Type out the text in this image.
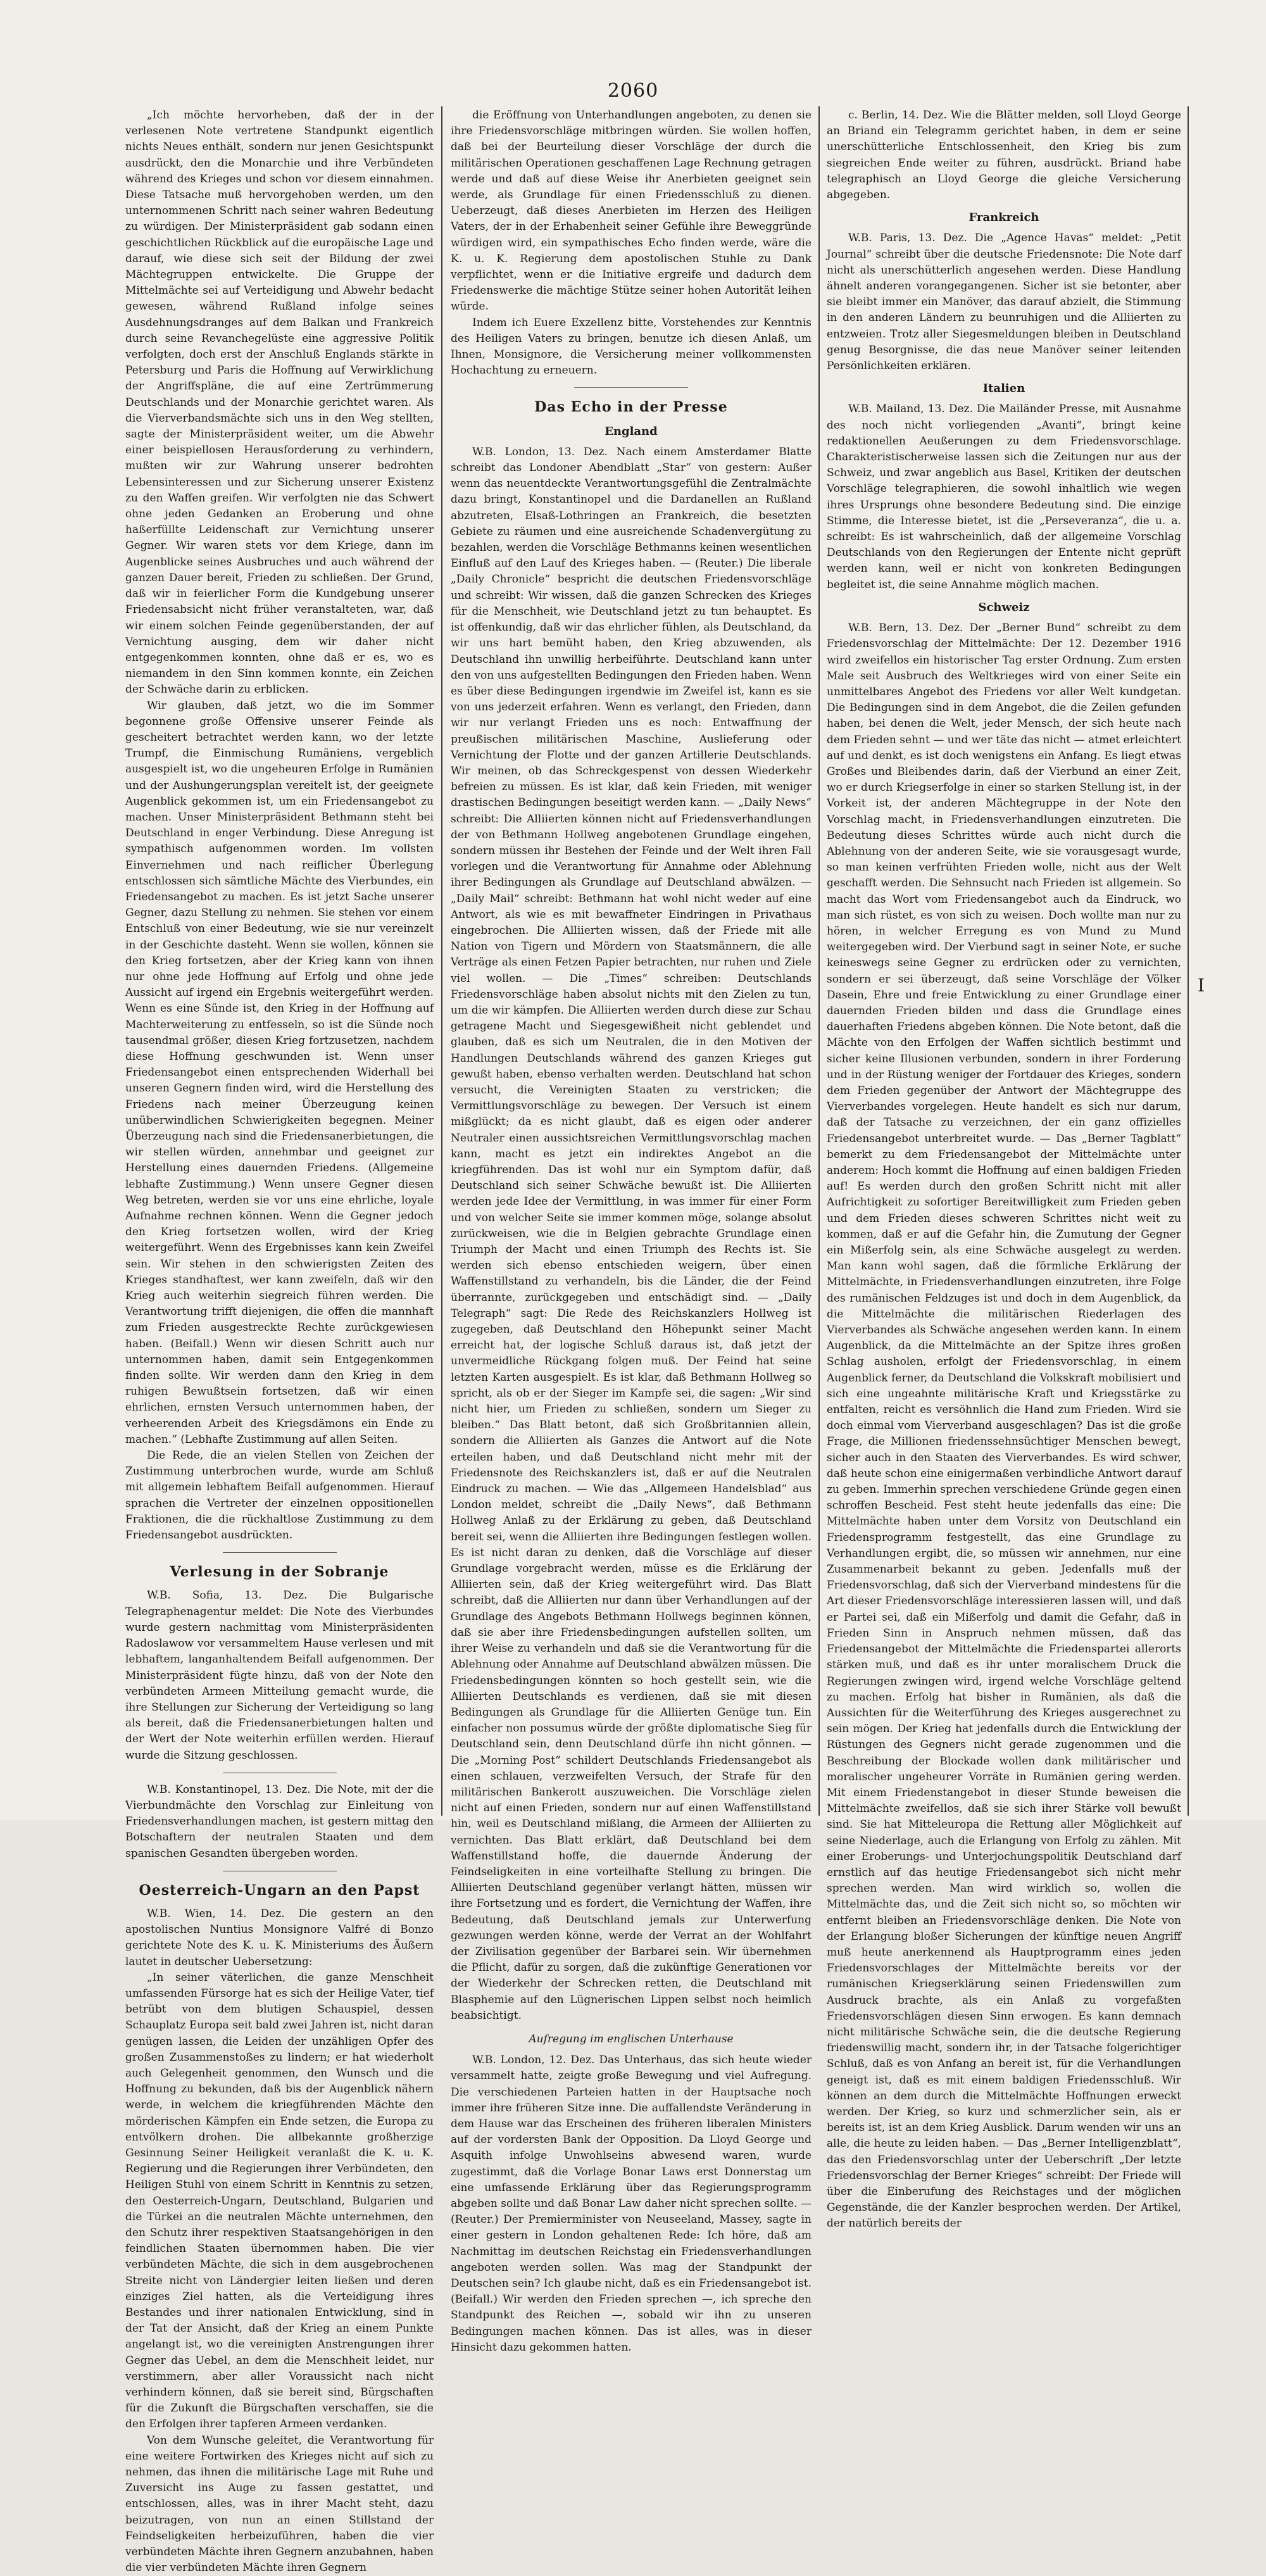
2060

„Ich möchte hervorheben, daß der in der verlesenen Note vertretene Standpunkt eigentlich nichts Neues enthält, sondern nur jenen Gesichtspunkt ausdrückt, den die Monarchie und ihre Verbündeten während des Krieges und schon vor diesem einnahmen. Diese Tatsache muß hervorgehoben werden, um den unternommenen Schritt nach seiner wahren Bedeutung zu würdigen. Der Ministerpräsident gab sodann einen geschichtlichen Rückblick auf die europäische Lage und darauf, wie diese sich seit der Bildung der zwei Mächtegruppen entwickelte. Die Gruppe der Mittelmächte sei auf Verteidigung und Abwehr bedacht gewesen, während Rußland infolge seines Ausdehnungsdranges auf dem Balkan und Frankreich durch seine Revanchegelüste eine aggressive Politik verfolgten, doch erst der Anschluß Englands stärkte in Petersburg und Paris die Hoffnung auf Verwirklichung der Angriffspläne, die auf eine Zertrümmerung Deutschlands und der Monarchie gerichtet waren. Als die Vierverbandsmächte sich uns in den Weg stellten, sagte der Ministerpräsident weiter, um die Abwehr einer beispiellosen Herausforderung zu verhindern, mußten wir zur Wahrung unserer bedrohten Lebensinteressen und zur Sicherung unserer Existenz zu den Waffen greifen. Wir verfolgten nie das Schwert ohne jeden Gedanken an Eroberung und ohne haßerfüllte Leidenschaft zur Vernichtung unserer Gegner. Wir waren stets vor dem Kriege, dann im Augenblicke seines Ausbruches und auch während der ganzen Dauer bereit, Frieden zu schließen. Der Grund, daß wir in feierlicher Form die Kundgebung unserer Friedensabsicht nicht früher veranstalteten, war, daß wir einem solchen Feinde gegenüberstanden, der auf Vernichtung ausging, dem wir daher nicht entgegenkommen konnten, ohne daß er es, wo es niemandem in den Sinn kommen konnte, ein Zeichen der Schwäche darin zu erblicken.

Wir glauben, daß jetzt, wo die im Sommer begonnene große Offensive unserer Feinde als gescheitert betrachtet werden kann, wo der letzte Trumpf, die Einmischung Rumäniens, vergeblich ausgespielt ist, wo die ungeheuren Erfolge in Rumänien und der Aushungerungsplan vereitelt ist, der geeignete Augenblick gekommen ist, um ein Friedensangebot zu machen. Unser Ministerpräsident Bethmann steht bei Deutschland in enger Verbindung. Diese Anregung ist sympathisch aufgenommen worden. Im vollsten Einvernehmen und nach reiflicher Überlegung entschlossen sich sämtliche Mächte des Vierbundes, ein Friedensangebot zu machen. Es ist jetzt Sache unserer Gegner, dazu Stellung zu nehmen. Sie stehen vor einem Entschluß von einer Bedeutung, wie sie nur vereinzelt in der Geschichte dasteht. Wenn sie wollen, können sie den Krieg fortsetzen, aber der Krieg kann von ihnen nur ohne jede Hoffnung auf Erfolg und ohne jede Aussicht auf irgend ein Ergebnis weitergeführt werden. Wenn es eine Sünde ist, den Krieg in der Hoffnung auf Machterweiterung zu entfesseln, so ist die Sünde noch tausendmal größer, diesen Krieg fortzusetzen, nachdem diese Hoffnung geschwunden ist. Wenn unser Friedensangebot einen entsprechenden Widerhall bei unseren Gegnern finden wird, wird die Herstellung des Friedens nach meiner Überzeugung keinen unüberwindlichen Schwierigkeiten begegnen. Meiner Überzeugung nach sind die Friedensanerbietungen, die wir stellen würden, annehmbar und geeignet zur Herstellung eines dauernden Friedens. (Allgemeine lebhafte Zustimmung.) Wenn unsere Gegner diesen Weg betreten, werden sie vor uns eine ehrliche, loyale Aufnahme rechnen können. Wenn die Gegner jedoch den Krieg fortsetzen wollen, wird der Krieg weitergeführt. Wenn des Ergebnisses kann kein Zweifel sein. Wir stehen in den schwierigsten Zeiten des Krieges standhaftest, wer kann zweifeln, daß wir den Krieg auch weiterhin siegreich führen werden. Die Verantwortung trifft diejenigen, die offen die mannhaft zum Frieden ausgestreckte Rechte zurückgewiesen haben. (Beifall.) Wenn wir diesen Schritt auch nur unternommen haben, damit sein Entgegenkommen finden sollte. Wir werden dann den Krieg in dem ruhigen Bewußtsein fortsetzen, daß wir einen ehrlichen, ernsten Versuch unternommen haben, der verheerenden Arbeit des Kriegsdämons ein Ende zu machen.“ (Lebhafte Zustimmung auf allen Seiten.

Die Rede, die an vielen Stellen von Zeichen der Zustimmung unterbrochen wurde, wurde am Schluß mit allgemein lebhaftem Beifall aufgenommen. Hierauf sprachen die Vertreter der einzelnen oppositionellen Fraktionen, die die rückhaltlose Zustimmung zu dem Friedensangebot ausdrückten.

Verlesung in der Sobranje

W.B. Sofia, 13. Dez. Die Bulgarische Telegraphenagentur meldet: Die Note des Vierbundes wurde gestern nachmittag vom Ministerpräsidenten Radoslawow vor versammeltem Hause verlesen und mit lebhaftem, langanhaltendem Beifall aufgenommen. Der Ministerpräsident fügte hinzu, daß von der Note den verbündeten Armeen Mitteilung gemacht wurde, die ihre Stellungen zur Sicherung der Verteidigung so lang als bereit, daß die Friedensanerbietungen halten und der Wert der Note weiterhin erfüllen werden. Hierauf wurde die Sitzung geschlossen.

W.B. Konstantinopel, 13. Dez. Die Note, mit der die Vierbundmächte den Vorschlag zur Einleitung von Friedensverhandlungen machen, ist gestern mittag den Botschaftern der neutralen Staaten und dem spanischen Gesandten übergeben worden.

Oesterreich-Ungarn an den Papst

W.B. Wien, 14. Dez. Die gestern an den apostolischen Nuntius Monsignore Valfré di Bonzo gerichtete Note des K. u. K. Ministeriums des Äußern lautet in deutscher Uebersetzung:

„In seiner väterlichen, die ganze Menschheit umfassenden Fürsorge hat es sich der Heilige Vater, tief betrübt von dem blutigen Schauspiel, dessen Schauplatz Europa seit bald zwei Jahren ist, nicht daran genügen lassen, die Leiden der unzähligen Opfer des großen Zusammenstoßes zu lindern; er hat wiederholt auch Gelegenheit genommen, den Wunsch und die Hoffnung zu bekunden, daß bis der Augenblick nähern werde, in welchem die kriegführenden Mächte den mörderischen Kämpfen ein Ende setzen, die Europa zu entvölkern drohen. Die allbekannte großherzige Gesinnung Seiner Heiligkeit veranlaßt die K. u. K. Regierung und die Regierungen ihrer Verbündeten, den Heiligen Stuhl von einem Schritt in Kenntnis zu setzen, den Oesterreich-Ungarn, Deutschland, Bulgarien und die Türkei an die neutralen Mächte unternehmen, den den Schutz ihrer respektiven Staatsangehörigen in den feindlichen Staaten übernommen haben. Die vier verbündeten Mächte, die sich in dem ausgebrochenen Streite nicht von Ländergier leiten ließen und deren einziges Ziel hatten, als die Verteidigung ihres Bestandes und ihrer nationalen Entwicklung, sind in der Tat der Ansicht, daß der Krieg an einem Punkte angelangt ist, wo die vereinigten Anstrengungen ihrer Gegner das Uebel, an dem die Menschheit leidet, nur verstimmern, aber aller Voraussicht nach nicht verhindern können, daß sie bereit sind, Bürgschaften für die Zukunft die Bürgschaften verschaffen, sie die den Erfolgen ihrer tapferen Armeen verdanken.

Von dem Wunsche geleitet, die Verantwortung für eine weitere Fortwirken des Krieges nicht auf sich zu nehmen, das ihnen die militärische Lage mit Ruhe und Zuversicht ins Auge zu fassen gestattet, und entschlossen, alles, was in ihrer Macht steht, dazu beizutragen, von nun an einen Stillstand der Feindseligkeiten herbeizuführen, haben die vier verbündeten Mächte ihren Gegnern anzubahnen, haben die vier verbündeten Mächte ihren Gegnern

die Eröffnung von Unterhandlungen angeboten, zu denen sie ihre Friedensvorschläge mitbringen würden. Sie wollen hoffen, daß bei der Beurteilung dieser Vorschläge der durch die militärischen Operationen geschaffenen Lage Rechnung getragen werde und daß auf diese Weise ihr Anerbieten geeignet sein werde, als Grundlage für einen Friedensschluß zu dienen. Ueberzeugt, daß dieses Anerbieten im Herzen des Heiligen Vaters, der in der Erhabenheit seiner Gefühle ihre Beweggründe würdigen wird, ein sympathisches Echo finden werde, wäre die K. u. K. Regierung dem apostolischen Stuhle zu Dank verpflichtet, wenn er die Initiative ergreife und dadurch dem Friedenswerke die mächtige Stütze seiner hohen Autorität leihen würde.

Indem ich Euere Exzellenz bitte, Vorstehendes zur Kenntnis des Heiligen Vaters zu bringen, benutze ich diesen Anlaß, um Ihnen, Monsignore, die Versicherung meiner vollkommensten Hochachtung zu erneuern.

Das Echo in der Presse
England

W.B. London, 13. Dez. Nach einem Amsterdamer Blatte schreibt das Londoner Abendblatt „Star“ von gestern: Außer wenn das neuentdeckte Verantwortungsgefühl die Zentralmächte dazu bringt, Konstantinopel und die Dardanellen an Rußland abzutreten, Elsaß-Lothringen an Frankreich, die besetzten Gebiete zu räumen und eine ausreichende Schadenvergütung zu bezahlen, werden die Vorschläge Bethmanns keinen wesentlichen Einfluß auf den Lauf des Krieges haben. — (Reuter.) Die liberale „Daily Chronicle“ bespricht die deutschen Friedensvorschläge und schreibt: Wir wissen, daß die ganzen Schrecken des Krieges für die Menschheit, wie Deutschland jetzt zu tun behauptet. Es ist offenkundig, daß wir das ehrlicher fühlen, als Deutschland, da wir uns hart bemüht haben, den Krieg abzuwenden, als Deutschland ihn unwillig herbeiführte. Deutschland kann unter den von uns aufgestellten Bedingungen den Frieden haben. Wenn es über diese Bedingungen irgendwie im Zweifel ist, kann es sie von uns jederzeit erfahren. Wenn es verlangt, den Frieden, dann wir nur verlangt Frieden uns es noch: Entwaffnung der preußischen militärischen Maschine, Auslieferung oder Vernichtung der Flotte und der ganzen Artillerie Deutschlands. Wir meinen, ob das Schreckgespenst von dessen Wiederkehr befreien zu müssen. Es ist klar, daß kein Frieden, mit weniger drastischen Bedingungen beseitigt werden kann. — „Daily News“ schreibt: Die Alliierten können nicht auf Friedensverhandlungen der von Bethmann Hollweg angebotenen Grundlage eingehen, sondern müssen ihr Bestehen der Feinde und der Welt ihren Fall vorlegen und die Verantwortung für Annahme oder Ablehnung ihrer Bedingungen als Grundlage auf Deutschland abwälzen. — „Daily Mail“ schreibt: Bethmann hat wohl nicht weder auf eine Antwort, als wie es mit bewaffneter Eindringen in Privathaus eingebrochen. Die Alliierten wissen, daß der Friede mit alle Nation von Tigern und Mördern von Staatsmännern, die alle Verträge als einen Fetzen Papier betrachten, nur ruhen und Ziele viel wollen. — Die „Times“ schreiben: Deutschlands Friedensvorschläge haben absolut nichts mit den Zielen zu tun, um die wir kämpfen. Die Alliierten werden durch diese zur Schau getragene Macht und Siegesgewißheit nicht geblendet und glauben, daß es sich um Neutralen, die in den Motiven der Handlungen Deutschlands während des ganzen Krieges gut gewußt haben, ebenso verhalten werden. Deutschland hat schon versucht, die Vereinigten Staaten zu verstricken; die Vermittlungsvorschläge zu bewegen. Der Versuch ist einem mißglückt; da es nicht glaubt, daß es eigen oder anderer Neutraler einen aussichtsreichen Vermittlungsvorschlag machen kann, macht es jetzt ein indirektes Angebot an die kriegführenden. Das ist wohl nur ein Symptom dafür, daß Deutschland sich seiner Schwäche bewußt ist. Die Alliierten werden jede Idee der Vermittlung, in was immer für einer Form und von welcher Seite sie immer kommen möge, solange absolut zurückweisen, wie die in Belgien gebrachte Grundlage einen Triumph der Macht und einen Triumph des Rechts ist. Sie werden sich ebenso entschieden weigern, über einen Waffenstillstand zu verhandeln, bis die Länder, die der Feind überrannte, zurückgegeben und entschädigt sind. — „Daily Telegraph“ sagt: Die Rede des Reichskanzlers Hollweg ist zugegeben, daß Deutschland den Höhepunkt seiner Macht erreicht hat, der logische Schluß daraus ist, daß jetzt der unvermeidliche Rückgang folgen muß. Der Feind hat seine letzten Karten ausgespielt. Es ist klar, daß Bethmann Hollweg so spricht, als ob er der Sieger im Kampfe sei, die sagen: „Wir sind nicht hier, um Frieden zu schließen, sondern um Sieger zu bleiben.“ Das Blatt betont, daß sich Großbritannien allein, sondern die Alliierten als Ganzes die Antwort auf die Note erteilen haben, und daß Deutschland nicht mehr mit der Friedensnote des Reichskanzlers ist, daß er auf die Neutralen Eindruck zu machen. — Wie das „Allgemeen Handelsblad“ aus London meldet, schreibt die „Daily News“, daß Bethmann Hollweg Anlaß zu der Erklärung zu geben, daß Deutschland bereit sei, wenn die Alliierten ihre Bedingungen festlegen wollen. Es ist nicht daran zu denken, daß die Vorschläge auf dieser Grundlage vorgebracht werden, müsse es die Erklärung der Alliierten sein, daß der Krieg weitergeführt wird. Das Blatt schreibt, daß die Alliierten nur dann über Verhandlungen auf der Grundlage des Angebots Bethmann Hollwegs beginnen können, daß sie aber ihre Friedensbedingungen aufstellen sollten, um ihrer Weise zu verhandeln und daß sie die Verantwortung für die Ablehnung oder Annahme auf Deutschland abwälzen müssen. Die Friedensbedingungen könnten so hoch gestellt sein, wie die Alliierten Deutschlands es verdienen, daß sie mit diesen Bedingungen als Grundlage für die Alliierten Genüge tun. Ein einfacher non possumus würde der größte diplomatische Sieg für Deutschland sein, denn Deutschland dürfe ihn nicht gönnen. — Die „Morning Post“ schildert Deutschlands Friedensangebot als einen schlauen, verzweifelten Versuch, der Strafe für den militärischen Bankerott auszuweichen. Die Vorschläge zielen nicht auf einen Frieden, sondern nur auf einen Waffenstillstand hin, weil es Deutschland mißlang, die Armeen der Alliierten zu vernichten. Das Blatt erklärt, daß Deutschland bei dem Waffenstillstand hoffe, die dauernde Änderung der Feindseligkeiten in eine vorteilhafte Stellung zu bringen. Die Alliierten Deutschland gegenüber verlangt hätten, müssen wir ihre Fortsetzung und es fordert, die Vernichtung der Waffen, ihre Bedeutung, daß Deutschland jemals zur Unterwerfung gezwungen werden könne, werde der Verrat an der Wohlfahrt der Zivilisation gegenüber der Barbarei sein. Wir übernehmen die Pflicht, dafür zu sorgen, daß die zukünftige Generationen vor der Wiederkehr der Schrecken retten, die Deutschland mit Blasphemie auf den Lügnerischen Lippen selbst noch heimlich beabsichtigt.

Aufregung im englischen Unterhause

W.B. London, 12. Dez. Das Unterhaus, das sich heute wieder versammelt hatte, zeigte große Bewegung und viel Aufregung. Die verschiedenen Parteien hatten in der Hauptsache noch immer ihre früheren Sitze inne. Die auffallendste Veränderung in dem Hause war das Erscheinen des früheren liberalen Ministers auf der vordersten Bank der Opposition. Da Lloyd George und Asquith infolge Unwohlseins abwesend waren, wurde zugestimmt, daß die Vorlage Bonar Laws erst Donnerstag um eine umfassende Erklärung über das Regierungsprogramm abgeben sollte und daß Bonar Law daher nicht sprechen sollte. — (Reuter.) Der Premierminister von Neuseeland, Massey, sagte in einer gestern in London gehaltenen Rede: Ich höre, daß am Nachmittag im deutschen Reichstag ein Friedensverhandlungen angeboten werden sollen. Was mag der Standpunkt der Deutschen sein? Ich glaube nicht, daß es ein Friedensangebot ist. (Beifall.) Wir werden den Frieden sprechen —, ich spreche den Standpunkt des Reichen —, sobald wir ihn zu unseren Bedingungen machen können. Das ist alles, was in dieser Hinsicht dazu gekommen hatten.

c. Berlin, 14. Dez. Wie die Blätter melden, soll Lloyd George an Briand ein Telegramm gerichtet haben, in dem er seine unerschütterliche Entschlossenheit, den Krieg bis zum siegreichen Ende weiter zu führen, ausdrückt. Briand habe telegraphisch an Lloyd George die gleiche Versicherung abgegeben.

Frankreich

W.B. Paris, 13. Dez. Die „Agence Havas“ meldet: „Petit Journal“ schreibt über die deutsche Friedensnote: Die Note darf nicht als unerschütterlich angesehen werden. Diese Handlung ähnelt anderen vorangegangenen. Sicher ist sie betonter, aber sie bleibt immer ein Manöver, das darauf abzielt, die Stimmung in den anderen Ländern zu beunruhigen und die Alliierten zu entzweien. Trotz aller Siegesmeldungen bleiben in Deutschland genug Besorgnisse, die das neue Manöver seiner leitenden Persönlichkeiten erklären.

Italien

W.B. Mailand, 13. Dez. Die Mailänder Presse, mit Ausnahme des noch nicht vorliegenden „Avanti“, bringt keine redaktionellen Aeußerungen zu dem Friedensvorschlage. Charakteristischerweise lassen sich die Zeitungen nur aus der Schweiz, und zwar angeblich aus Basel, Kritiken der deutschen Vorschläge telegraphieren, die sowohl inhaltlich wie wegen ihres Ursprungs ohne besondere Bedeutung sind. Die einzige Stimme, die Interesse bietet, ist die „Perseveranza“, die u. a. schreibt: Es ist wahrscheinlich, daß der allgemeine Vorschlag Deutschlands von den Regierungen der Entente nicht geprüft werden kann, weil er nicht von konkreten Bedingungen begleitet ist, die seine Annahme möglich machen.

Schweiz

W.B. Bern, 13. Dez. Der „Berner Bund“ schreibt zu dem Friedensvorschlag der Mittelmächte: Der 12. Dezember 1916 wird zweifellos ein historischer Tag erster Ordnung. Zum ersten Male seit Ausbruch des Weltkrieges wird von einer Seite ein unmittelbares Angebot des Friedens vor aller Welt kundgetan. Die Bedingungen sind in dem Angebot, die die Zeilen gefunden haben, bei denen die Welt, jeder Mensch, der sich heute nach dem Frieden sehnt — und wer täte das nicht — atmet erleichtert auf und denkt, es ist doch wenigstens ein Anfang. Es liegt etwas Großes und Bleibendes darin, daß der Vierbund an einer Zeit, wo er durch Kriegserfolge in einer so starken Stellung ist, in der Vorkeit ist, der anderen Mächtegruppe in der Note den Vorschlag macht, in Friedensverhandlungen einzutreten. Die Bedeutung dieses Schrittes würde auch nicht durch die Ablehnung von der anderen Seite, wie sie vorausgesagt wurde, so man keinen verfrühten Frieden wolle, nicht aus der Welt geschafft werden. Die Sehnsucht nach Frieden ist allgemein. So macht das Wort vom Friedensangebot auch da Eindruck, wo man sich rüstet, es von sich zu weisen. Doch wollte man nur zu hören, in welcher Erregung es von Mund zu Mund weitergegeben wird. Der Vierbund sagt in seiner Note, er suche keineswegs seine Gegner zu erdrücken oder zu vernichten, sondern er sei überzeugt, daß seine Vorschläge der Völker Dasein, Ehre und freie Entwicklung zu einer Grundlage einer dauernden Frieden bilden und dass die Grundlage eines dauerhaften Friedens abgeben können. Die Note betont, daß die Mächte von den Erfolgen der Waffen sichtlich bestimmt und sicher keine Illusionen verbunden, sondern in ihrer Forderung und in der Rüstung weniger der Fortdauer des Krieges, sondern dem Frieden gegenüber der Antwort der Mächtegruppe des Vierverbandes vorgelegen. Heute handelt es sich nur darum, daß der Tatsache zu verzeichnen, der ein ganz offizielles Friedensangebot unterbreitet wurde. — Das „Berner Tagblatt“ bemerkt zu dem Friedensangebot der Mittelmächte unter anderem: Hoch kommt die Hoffnung auf einen baldigen Frieden auf! Es werden durch den großen Schritt nicht mit aller Aufrichtigkeit zu sofortiger Bereitwilligkeit zum Frieden geben und dem Frieden dieses schweren Schrittes nicht weit zu kommen, daß er auf die Gefahr hin, die Zumutung der Gegner ein Mißerfolg sein, als eine Schwäche ausgelegt zu werden. Man kann wohl sagen, daß die förmliche Erklärung der Mittelmächte, in Friedensverhandlungen einzutreten, ihre Folge des rumänischen Feldzuges ist und doch in dem Augenblick, da die Mittelmächte die militärischen Riederlagen des Vierverbandes als Schwäche angesehen werden kann. In einem Augenblick, da die Mittelmächte an der Spitze ihres großen Schlag ausholen, erfolgt der Friedensvorschlag, in einem Augenblick ferner, da Deutschland die Volkskraft mobilisiert und sich eine ungeahnte militärische Kraft und Kriegsstärke zu entfalten, reicht es versöhnlich die Hand zum Frieden. Wird sie doch einmal vom Vierverband ausgeschlagen? Das ist die große Frage, die Millionen friedenssehnsüchtiger Menschen bewegt, sicher auch in den Staaten des Vierverbandes. Es wird schwer, daß heute schon eine einigermaßen verbindliche Antwort darauf zu geben. Immerhin sprechen verschiedene Gründe gegen einen schroffen Bescheid. Fest steht heute jedenfalls das eine: Die Mittelmächte haben unter dem Vorsitz von Deutschland ein Friedensprogramm festgestellt, das eine Grundlage zu Verhandlungen ergibt, die, so müssen wir annehmen, nur eine Zusammenarbeit bekannt zu geben. Jedenfalls muß der Friedensvorschlag, daß sich der Vierverband mindestens für die Art dieser Friedensvorschläge interessieren lassen will, und daß er Partei sei, daß ein Mißerfolg und damit die Gefahr, daß in Frieden Sinn in Anspruch nehmen müssen, daß das Friedensangebot der Mittelmächte die Friedenspartei allerorts stärken muß, und daß es ihr unter moralischem Druck die Regierungen zwingen wird, irgend welche Vorschläge geltend zu machen. Erfolg hat bisher in Rumänien, als daß die Aussichten für die Weiterführung des Krieges ausgerechnet zu sein mögen. Der Krieg hat jedenfalls durch die Entwicklung der Rüstungen des Gegners nicht gerade zugenommen und die Beschreibung der Blockade wollen dank militärischer und moralischer ungeheurer Vorräte in Rumänien gering werden. Mit einem Friedenstangebot in dieser Stunde beweisen die Mittelmächte zweifellos, daß sie sich ihrer Stärke voll bewußt sind. Sie hat Mitteleuropa die Rettung aller Möglichkeit auf seine Niederlage, auch die Erlangung von Erfolg zu zählen. Mit einer Eroberungs- und Unterjochungspolitik Deutschland darf ernstlich auf das heutige Friedensangebot sich nicht mehr sprechen werden. Man wird wirklich so, wollen die Mittelmächte das, und die Zeit sich nicht so, so möchten wir entfernt bleiben an Friedensvorschläge denken. Die Note von der Erlangung bloßer Sicherungen der künftige neuen Angriff muß heute anerkennend als Hauptprogramm eines jeden Friedensvorschlages der Mittelmächte bereits vor der rumänischen Kriegserklärung seinen Friedenswillen zum Ausdruck brachte, als ein Anlaß zu vorgefaßten Friedensvorschlägen diesen Sinn erwogen. Es kann demnach nicht militärische Schwäche sein, die die deutsche Regierung friedenswillig macht, sondern ihr, in der Tatsache folgerichtiger Schluß, daß es von Anfang an bereit ist, für die Verhandlungen geneigt ist, daß es mit einem baldigen Friedensschluß. Wir können an dem durch die Mittelmächte Hoffnungen erweckt werden. Der Krieg, so kurz und schmerzlicher sein, als er bereits ist, ist an dem Krieg Ausblick. Darum wenden wir uns an alle, die heute zu leiden haben. — Das „Berner Intelligenzblatt“, das den Friedensvorschlag unter der Ueberschrift „Der letzte Friedensvorschlag der Berner Krieges“ schreibt: Der Friede will über die Einberufung des Reichstages und der möglichen Gegenstände, die der Kanzler besprochen werden. Der Artikel, der natürlich bereits der

I
